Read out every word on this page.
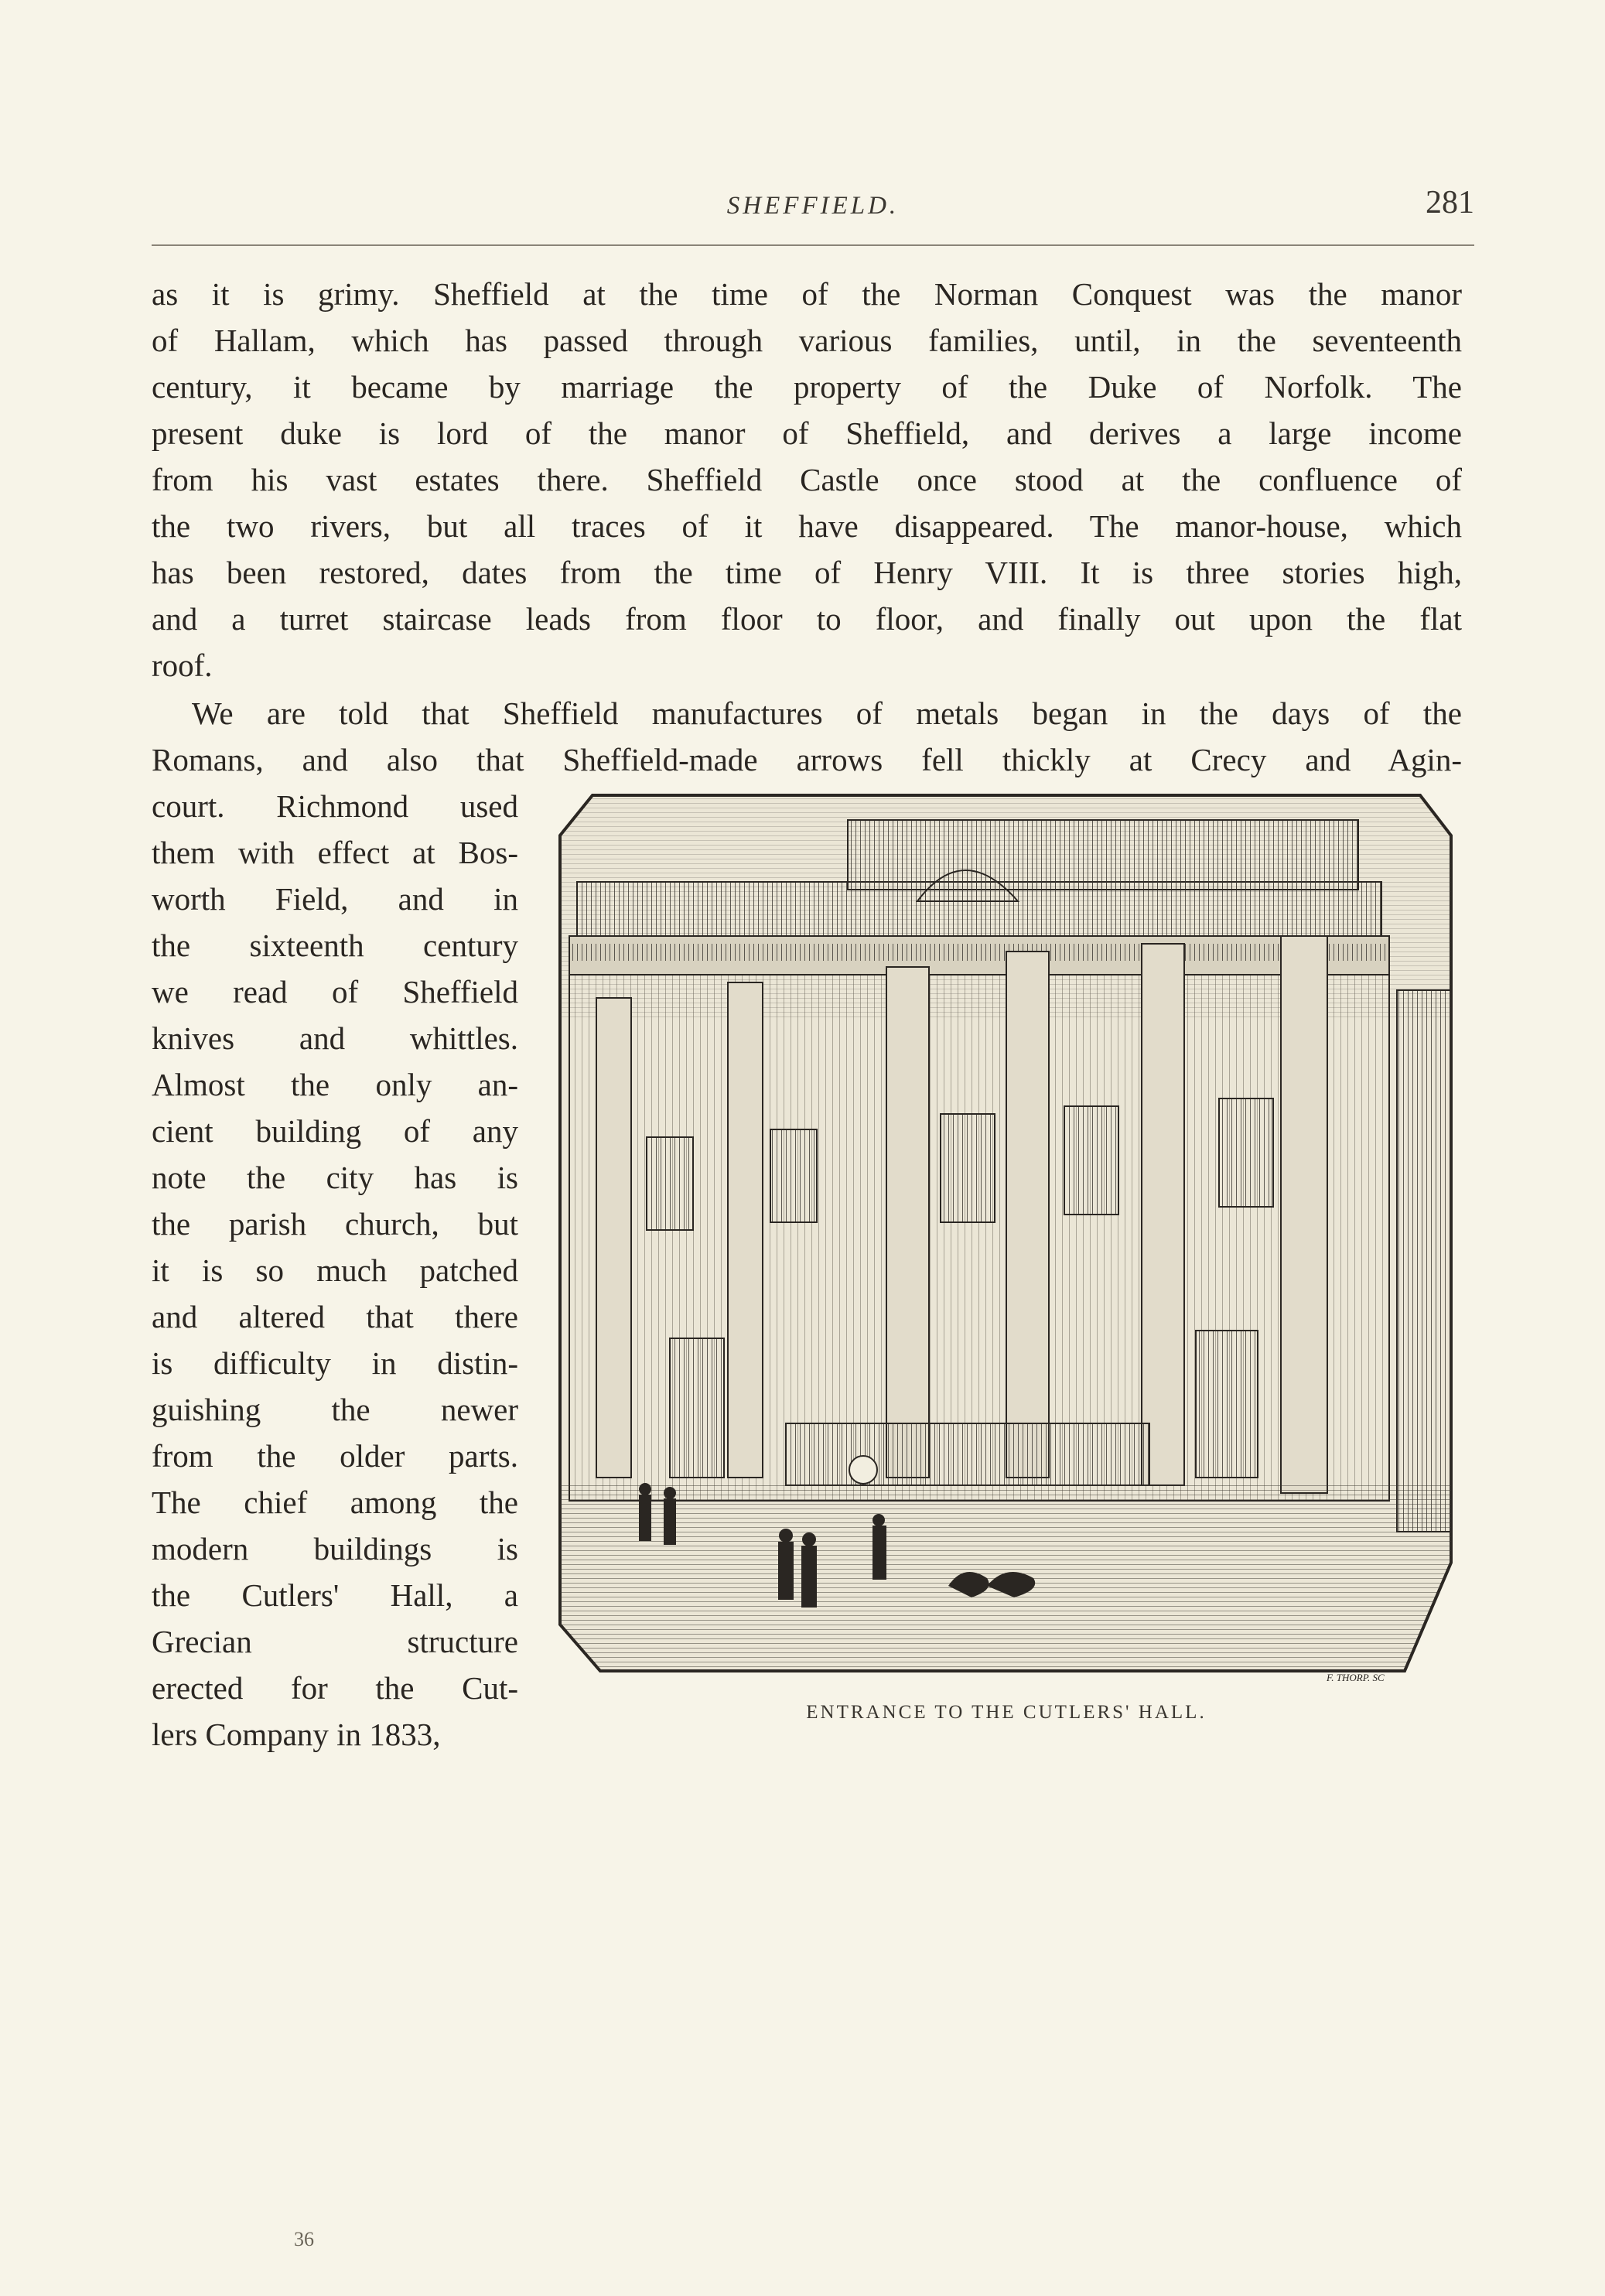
SHEFFIELD.	281
as it is grimy. Sheffield at the time of the Norman Conquest was the manor
of Hallam, which has passed through various families, until, in the seventeenth
century, it became by marriage the property of the Duke of Norfolk. The
present duke is lord of the manor of Sheffield, and derives a large income
from his vast estates there. Sheffield Castle once stood at the confluence of
the two rivers, but all traces of it have disappeared. The manor-house, which
has been restored, dates from the time of Henry VIII. It is three stories high,
and a turret staircase leads from floor to floor, and finally out upon the flat
roof.
We are told that Sheffield manufactures of metals began in the days of the
Romans, and also that Sheffield-made arrows fell thickly at Crecy and Agin-
court. Richmond used
them with effect at Bos-
worth Field, and in
the sixteenth century
we read of Sheffield
knives and whittles.
Almost the only an-
cient building of any
note the city has is
the parish church, but
it is so much patched
and altered that there
is difficulty in distin-
guishing the newer
from the older parts.
The chief among the
modern buildings is
the Cutlers' Hall, a
Grecian structure
erected for the Cut-
lers Company in 1833,
F. THORP. SC
ENTRANCE TO THE CUTLERS' HALL.
36
